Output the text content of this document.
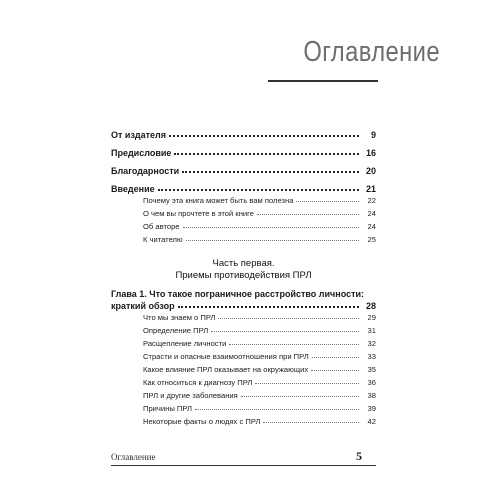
Оглавление
От издателя	9
Предисловие	16
Благодарности	20
Введение	21
Почему эта книга может быть вам полезна	22
О чем вы прочтете в этой книге	24
Об авторе	24
К читателю	25
Часть первая.
Приемы противодействия ПРЛ
Глава 1. Что такое пограничное расстройство личности:
краткий обзор	28
Что мы знаем о ПРЛ	29
Определение ПРЛ	31
Расщепление личности	32
Страсти и опасные взаимоотношения при ПРЛ	33
Какое влияние ПРЛ оказывает на окружающих	35
Как относиться к диагнозу ПРЛ	36
ПРЛ и другие заболевания	38
Причины ПРЛ	39
Некоторые факты о людях с ПРЛ	42
Оглавление	5
